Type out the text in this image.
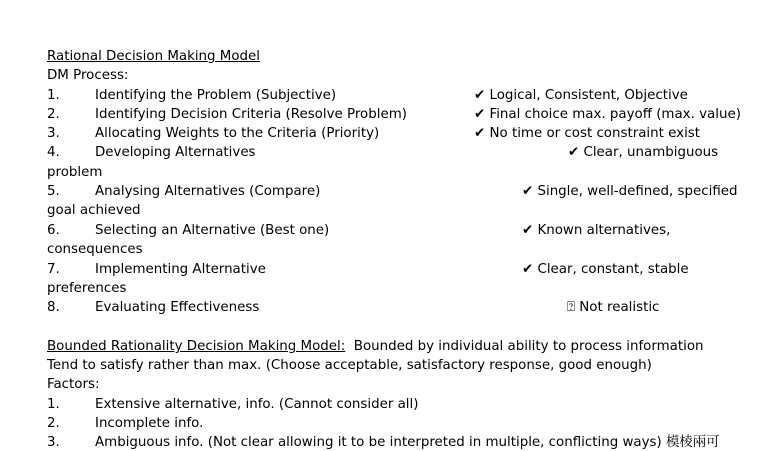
Rational Decision Making Model
DM Process:
1.	Identifying the Problem (Subjective)	✔ Logical, Consistent, Objective
2.	Identifying Decision Criteria (Resolve Problem)	✔ Final choice max. payoff (max. value)
3.	Allocating Weights to the Criteria (Priority)	✔ No time or cost constraint exist
4.	Developing Alternatives	✔ Clear, unambiguous
problem
5.	Analysing Alternatives (Compare)	✔ Single, well-defined, specified
goal achieved
6.	Selecting an Alternative (Best one)	✔ Known alternatives,
consequences
7.	Implementing Alternative	✔ Clear, constant, stable
preferences
8.	Evaluating Effectiveness	⍰ Not realistic
Bounded Rationality Decision Making Model:  Bounded by individual ability to process information
Tend to satisfy rather than max. (Choose acceptable, satisfactory response, good enough)
Factors:
1.	Extensive alternative, info. (Cannot consider all)
2.	Incomplete info.
3.	Ambiguous info. (Not clear allowing it to be interpreted in multiple, conflicting ways) 模棱兩可
